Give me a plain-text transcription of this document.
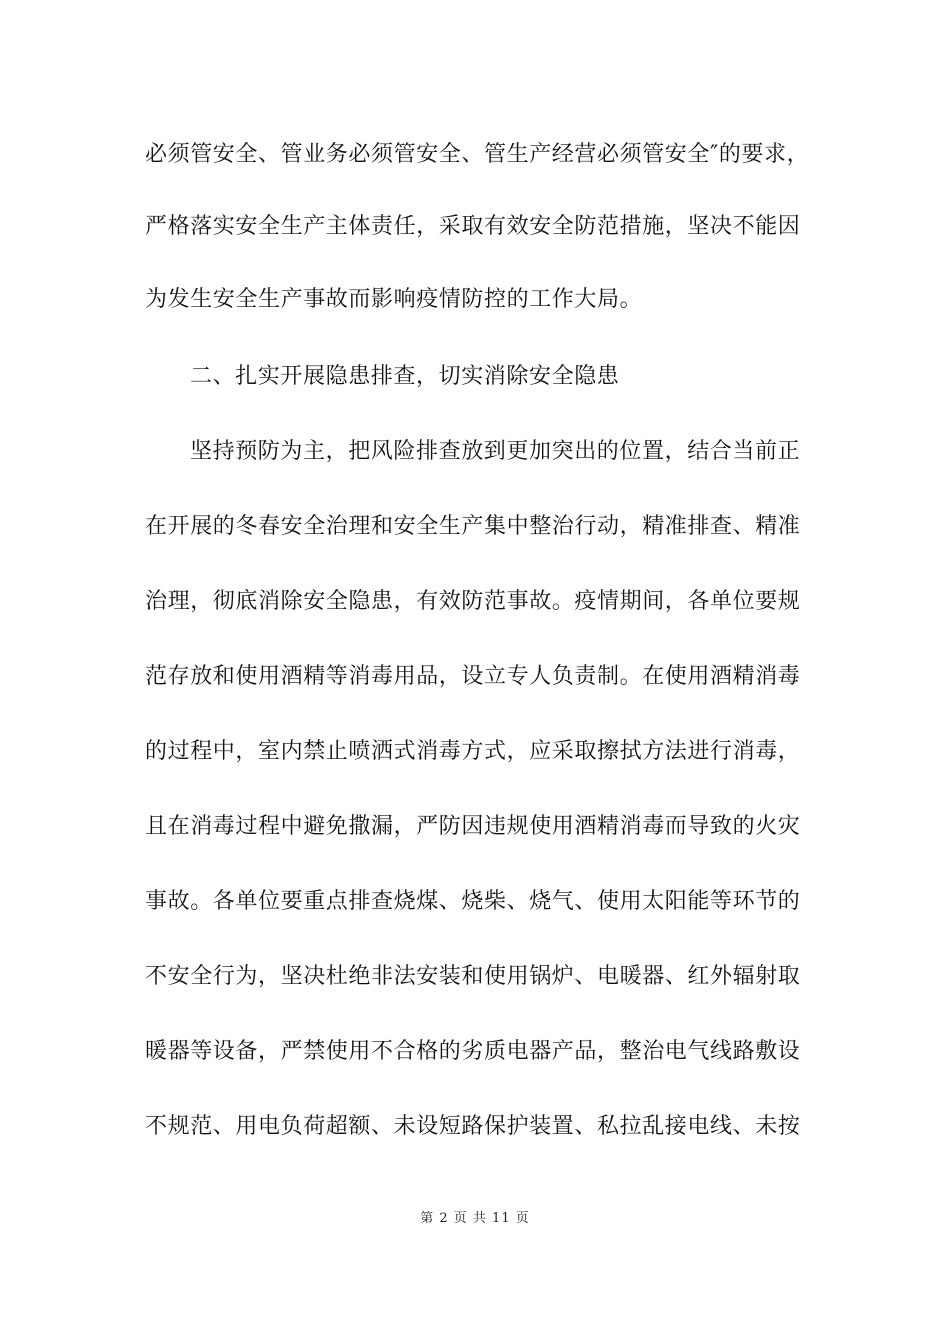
必须管安全、管业务必须管安全、管生产经营必须管安全″的要求，
严格落实安全生产主体责任，采取有效安全防范措施，坚决不能因
为发生安全生产事故而影响疫情防控的工作大局。
二、扎实开展隐患排查，切实消除安全隐患
坚持预防为主，把风险排查放到更加突出的位置，结合当前正
在开展的冬春安全治理和安全生产集中整治行动，精准排查、精准
治理，彻底消除安全隐患，有效防范事故。疫情期间，各单位要规
范存放和使用酒精等消毒用品，设立专人负责制。在使用酒精消毒
的过程中，室内禁止喷洒式消毒方式，应采取擦拭方法进行消毒，
且在消毒过程中避免撒漏，严防因违规使用酒精消毒而导致的火灾
事故。各单位要重点排查烧煤、烧柴、烧气、使用太阳能等环节的
不安全行为，坚决杜绝非法安装和使用锅炉、电暖器、红外辐射取
暖器等设备，严禁使用不合格的劣质电器产品，整治电气线路敷设
不规范、用电负荷超额、未设短路保护装置、私拉乱接电线、未按
第 2 页 共 11 页
